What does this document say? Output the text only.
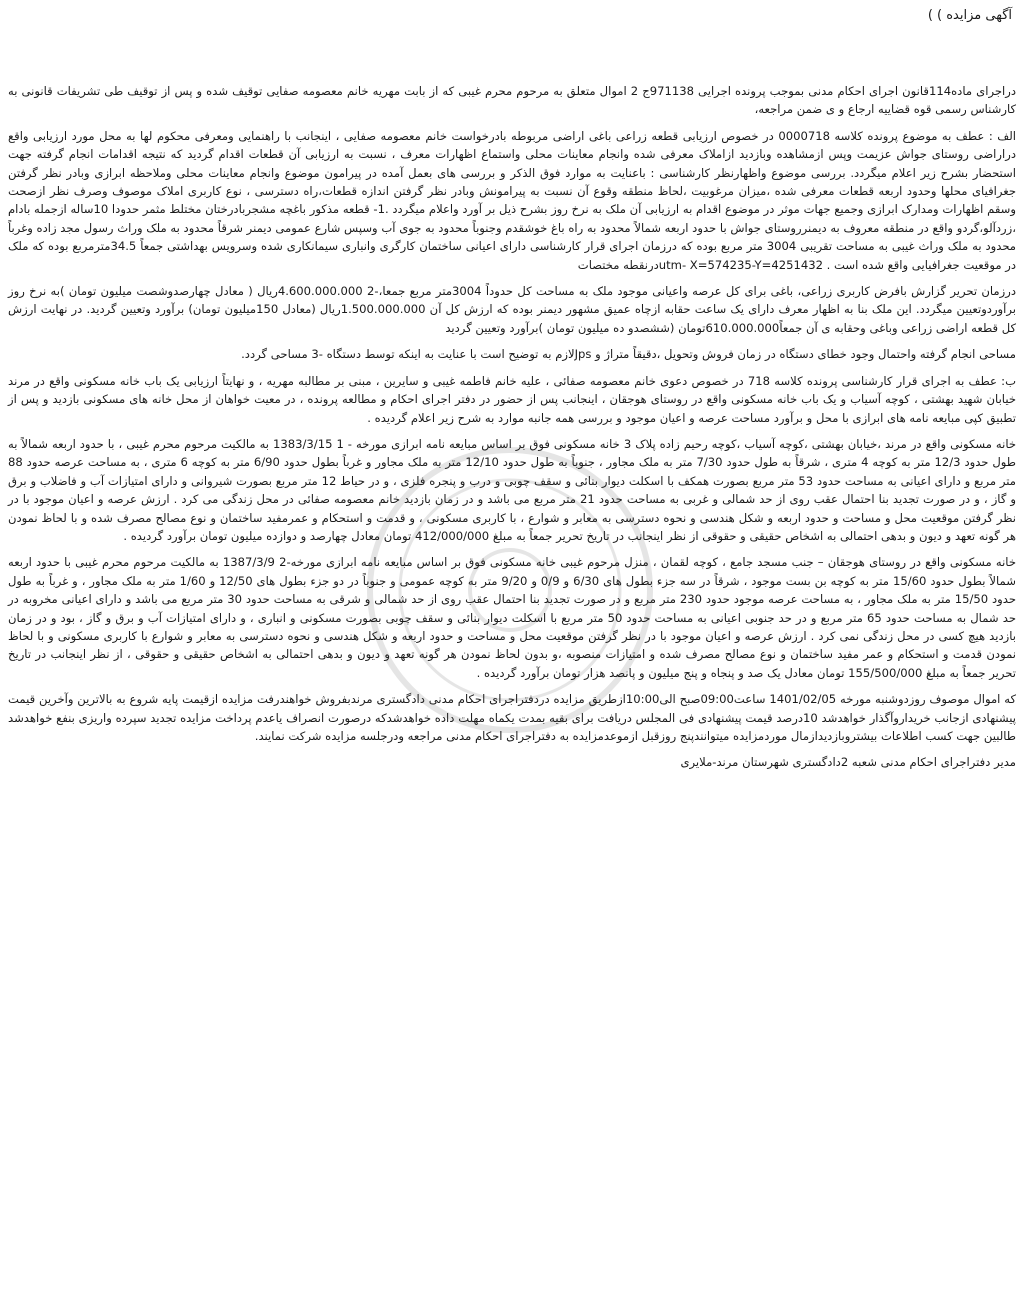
آگهی مزایده ) )

دراجرای ماده114قانون اجرای احکام مدنی بموجب پرونده اجرایی 971138ج 2 اموال متعلق به مرحوم محرم غیبی که از بابت مهریه خانم معصومه صفایی توقیف شده و پس از توقیف طی تشریفات قانونی به کارشناس رسمی قوه قضاییه ارجاع و ی ضمن مراجعه،

الف : عطف به موضوع پرونده کلاسه 0000718 در خصوص ارزیابی قطعه زراعی باغی اراضی مربوطه بادرخواست خانم معصومه صفایی ، اینجانب با راهنمایی ومعرفی محکوم لها به محل مورد ارزیابی واقع دراراضی روستای جواش عزیمت وپس ازمشاهده وبازدید ازاملاک معرفی شده وانجام معاینات محلی واستماع اظهارات معرف ، نسبت به ارزیابی آن قطعات اقدام گردید که نتیجه اقدامات انجام گرفته جهت استحضار بشرح زیر اعلام میگردد. بررسی موضوع واظهارنظر کارشناسی : باعنایت به موارد فوق الذکر و بررسی های بعمل آمده در پیرامون موضوع وانجام معاینات محلی وملاحظه ابرازی وبادر نظر گرفتن جغرافیای محلها وحدود اربعه قطعات معرفی شده ،میزان مرغوبیت ،لحاظ منطقه وقوع آن نسبت به پیرامونش وبادر نظر گرفتن اندازه قطعات،راه دسترسی ، نوع کاربری املاک موصوف وصرف نظر ازصحت وسقم اظهارات ومدارک ابرازی وجمیع جهات موثر در موضوع اقدام به ارزیابی آن ملک به نرخ روز بشرح ذیل بر آورد واعلام میگردد .1- قطعه مذکور باغچه مشجربادرختان مختلط مثمر حدودا 10ساله ازجمله بادام ،زردآلو،گردو واقع در منطقه معروف به دیمنرروستای جواش با حدود اربعه شمالاً محدود به راه باغ خوشقدم وجنوباً محدود به جوی آب وسپس شارع عمومی دیمنر شرقاً محدود به ملک وراث رسول مجد زاده وغرباً محدود به ملک وراث غیبی به مساحت تقریبی 3004 متر مربع بوده که درزمان اجرای قرار کارشناسی دارای اعیانی ساختمان کارگری وانباری سیمانکاری شده وسرویس بهداشتی جمعاً 34.5مترمربع بوده که ملک در موقعیت جغرافیایی واقع شده است . utm- X=574235-Y=4251432درنقطه مختصات

درزمان تحریر گزارش بافرض کاربری زراعی، باغی برای کل عرصه واعیانی موجود ملک به مساحت کل حدوداً 3004متر مربع جمعا،-2 4.600.000.000ریال ( معادل چهارصدوشصت میلیون تومان )به نرخ روز برآوردوتعیین میگردد. این ملک بنا به اظهار معرف دارای یک ساعت حقابه ازچاه عمیق مشهور دیمنر بوده که ارزش کل آن 1.500.000.000ریال (معادل 150میلیون تومان) برآورد وتعیین گردید. در نهایت ارزش کل قطعه اراضی زراعی وباغی وحقابه ی آن جمعاً610.000.000تومان (ششصدو ده میلیون تومان )برآورد وتعیین گردید

مساحی انجام گرفته واحتمال وجود خطای دستگاه در زمان فروش وتحویل ،دقیقاً متراژ و Jpsلازم به توضیح است با عنایت به اینکه توسط دستگاه -3 مساحی گردد.

ب: عطف به اجرای قرار کارشناسی پرونده کلاسه 718 در خصوص دعوی خانم معصومه صفائی ، علیه خانم فاطمه غیبی و سایرین ، مبنی بر مطالبه مهریه ، و نهایتاً ارزیابی یک باب خانه مسکونی واقع در مرند خیابان شهید بهشتی ، کوچه آسیاب و یک باب خانه مسکونی واقع در روستای هوجقان ، اینجانب پس از حضور در دفتر اجرای احکام و مطالعه پرونده ، در معیت خواهان از محل خانه های مسکونی بازدید و پس از تطبیق کپی مبایعه نامه های ابرازی با محل و برآورد مساحت عرصه و اعیان موجود و بررسی همه جانبه موارد به شرح زیر اعلام گردیده .

خانه مسکونی واقع در مرند ،خیابان بهشتی ،کوچه آسیاب ،کوچه رحیم زاده پلاک 3 خانه مسکونی فوق بر اساس مبایعه نامه ابرازی مورخه - 1 1383/3/15 به مالکیت مرحوم محرم غیبی ، با حدود اربعه شمالاً به طول حدود 12/3 متر به کوچه 4 متری ، شرقاً به طول حدود 7/30 متر به ملک مجاور ، جنوباً به طول حدود 12/10 متر به ملک مجاور و غرباً بطول حدود 6/90 متر به کوچه 6 متری ، به مساحت عرصه حدود 88 متر مربع و دارای اعیانی به مساحت حدود 53 متر مربع بصورت همکف با اسکلت دیوار بنائی و سقف چوبی و درب و پنجره فلزی ، و در حیاط 12 متر مربع بصورت شیروانی و دارای امتیازات آب و فاضلاب و برق و گاز ، و در صورت تجدید بنا احتمال عقب روی از حد شمالی و غربی به مساحت حدود 21 متر مربع می باشد و در زمان بازدید خانم معصومه صفائی در محل زندگی می کرد . ارزش عرصه و اعیان موجود با در نظر گرفتن موقعیت محل و مساحت و حدود اربعه و شکل هندسی و نحوه دسترسی به معابر و شوارع ، با کاربری مسکونی ، و قدمت و استحکام و عمرمفید ساختمان و نوع مصالح مصرف شده و با لحاظ نمودن هر گونه تعهد و دیون و بدهی احتمالی به اشخاص حقیقی و حقوقی از نظر اینجانب در تاریخ تحریر جمعاً به مبلغ 412/000/000 تومان معادل چهارصد و دوازده میلیون تومان برآورد گردیده .

خانه مسکونی واقع در روستای هوجقان – جنب مسجد جامع ، کوچه لقمان ، منزل مرحوم غیبی خانه مسکونی فوق بر اساس مبایعه نامه ابرازی مورخه-2 1387/3/9 به مالکیت مرحوم محرم غیبی با حدود اربعه شمالاً بطول حدود 15/60 متر به کوچه بن بست موجود ، شرقاً در سه جزء بطول های 6/30 و 0/9 و 9/20 متر به کوچه عمومی و جنوباً در دو جزء بطول های 12/50 و 1/60 متر به ملک مجاور ، و غرباً به طول حدود 15/50 متر به ملک مجاور ، به مساحت عرصه موجود حدود 230 متر مربع و در صورت تجدید بنا احتمال عقب روی از حد شمالی و شرقی به مساحت حدود 30 متر مربع می باشد و دارای اعیانی مخروبه در حد شمال به مساحت حدود 65 متر مربع و در حد جنوبی اعیانی به مساحت حدود 50 متر مربع با اسکلت دیوار بنائی و سقف چوبی بصورت مسکونی و انباری ، و دارای امتیازات آب و برق و گاز ، بود و در زمان بازدید هیچ کسی در محل زندگی نمی کرد . ارزش عرصه و اعیان موجود با در نظر گرفتن موقعیت محل و مساحت و حدود اربعه و شکل هندسی و نحوه دسترسی به معابر و شوارع با کاربری مسکونی و با لحاظ نمودن قدمت و استحکام و عمر مفید ساختمان و نوع مصالح مصرف شده و امتیازات منصوبه ،و بدون لحاظ نمودن هر گونه تعهد و دیون و بدهی احتمالی به اشخاص حقیقی و حقوقی ، از نظر اینجانب در تاریخ تحریر جمعاً به مبلغ 155/500/000 تومان معادل یک صد و پنجاه و پنج میلیون و پانصد هزار تومان برآورد گردیده .

که اموال موصوف روزدوشنبه مورخه 1401/02/05 ساعت09:00صبح الی10:00ازطریق مزایده دردفتراجرای احکام مدنی دادگستری مرندبفروش خواهندرفت مزایده ازقیمت پایه شروع به بالاترین وآخرین قیمت پیشنهادی ازجانب خریداروآگذار خواهدشد 10درصد قیمت پیشنهادی فی المجلس دریافت برای بقیه بمدت یکماه مهلت داده خواهدشدکه درصورت انصراف یاعدم پرداخت مزایده تجدید سپرده واریزی بنفع خواهدشد طالبین جهت کسب اطلاعات بیشتروبازدیدازمال موردمزایده میتوانندپنج روزقبل ازموعدمزایده به دفتراجرای احکام مدنی مراجعه ودرجلسه مزایده شرکت نمایند.

مدیر دفتراجرای احکام مدنی شعبه 2دادگستری شهرستان مرند-ملایری
